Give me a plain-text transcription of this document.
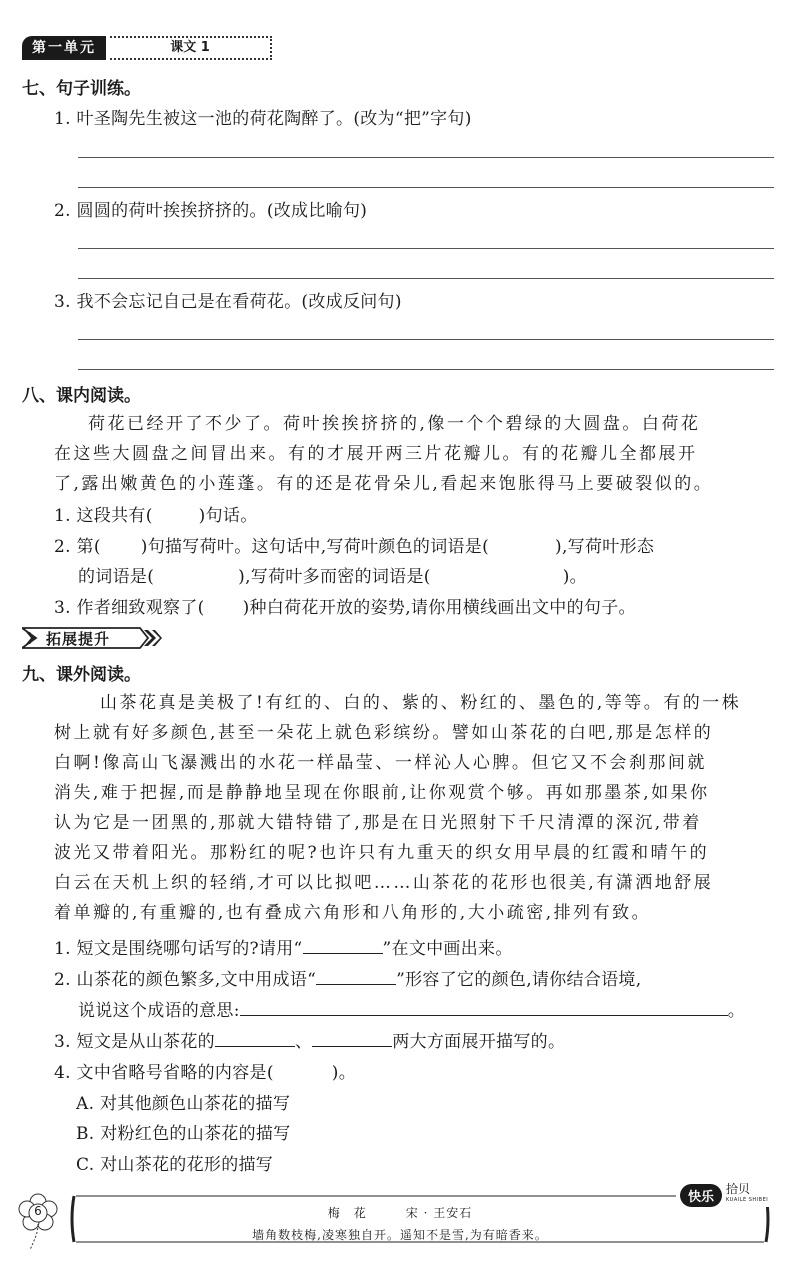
第一单元	课文 1
七、句子训练。
1. 叶圣陶先生被这一池的荷花陶醉了。(改为“把”字句)
2. 圆圆的荷叶挨挨挤挤的。(改成比喻句)
3. 我不会忘记自己是在看荷花。(改成反问句)
八、课内阅读。
荷花已经开了不少了。荷叶挨挨挤挤的,像一个个碧绿的大圆盘。白荷花
在这些大圆盘之间冒出来。有的才展开两三片花瓣儿。有的花瓣儿全都展开
了,露出嫩黄色的小莲蓬。有的还是花骨朵儿,看起来饱胀得马上要破裂似的。
1. 这段共有(	)句话。
2. 第( )句描写荷叶。这句话中,写荷叶颜色的词语是(	),写荷叶形态
的词语是(	),写荷叶多而密的词语是(	)。
3. 作者细致观察了( )种白荷花开放的姿势,请你用横线画出文中的句子。
拓展提升
九、课外阅读。
山茶花真是美极了!有红的、白的、紫的、粉红的、墨色的,等等。有的一株
树上就有好多颜色,甚至一朵花上就色彩缤纷。譬如山茶花的白吧,那是怎样的
白啊!像高山飞瀑溅出的水花一样晶莹、一样沁人心脾。但它又不会刹那间就
消失,难于把握,而是静静地呈现在你眼前,让你观赏个够。再如那墨茶,如果你
认为它是一团黑的,那就大错特错了,那是在日光照射下千尺清潭的深沉,带着
波光又带着阳光。那粉红的呢?也许只有九重天的织女用早晨的红霞和晴午的
白云在天机上织的轻绡,才可以比拟吧……山茶花的花形也很美,有潇洒地舒展
着单瓣的,有重瓣的,也有叠成六角形和八角形的,大小疏密,排列有致。
1. 短文是围绕哪句话写的?请用“	”在文中画出来。
2. 山茶花的颜色繁多,文中用成语“	”形容了它的颜色,请你结合语境,
说说这个成语的意思:	。
3. 短文是从山茶花的	、	两大方面展开描写的。
4. 文中省略号省略的内容是(	)。
A. 对其他颜色山茶花的描写
B. 对粉红色的山茶花的描写
C. 对山茶花的花形的描写
6	梅　花　　　宋 · 王安石
墙角数枝梅,凌寒独自开。遥知不是雪,为有暗香来。
快乐
拾贝
KUAILE SHIBEI
